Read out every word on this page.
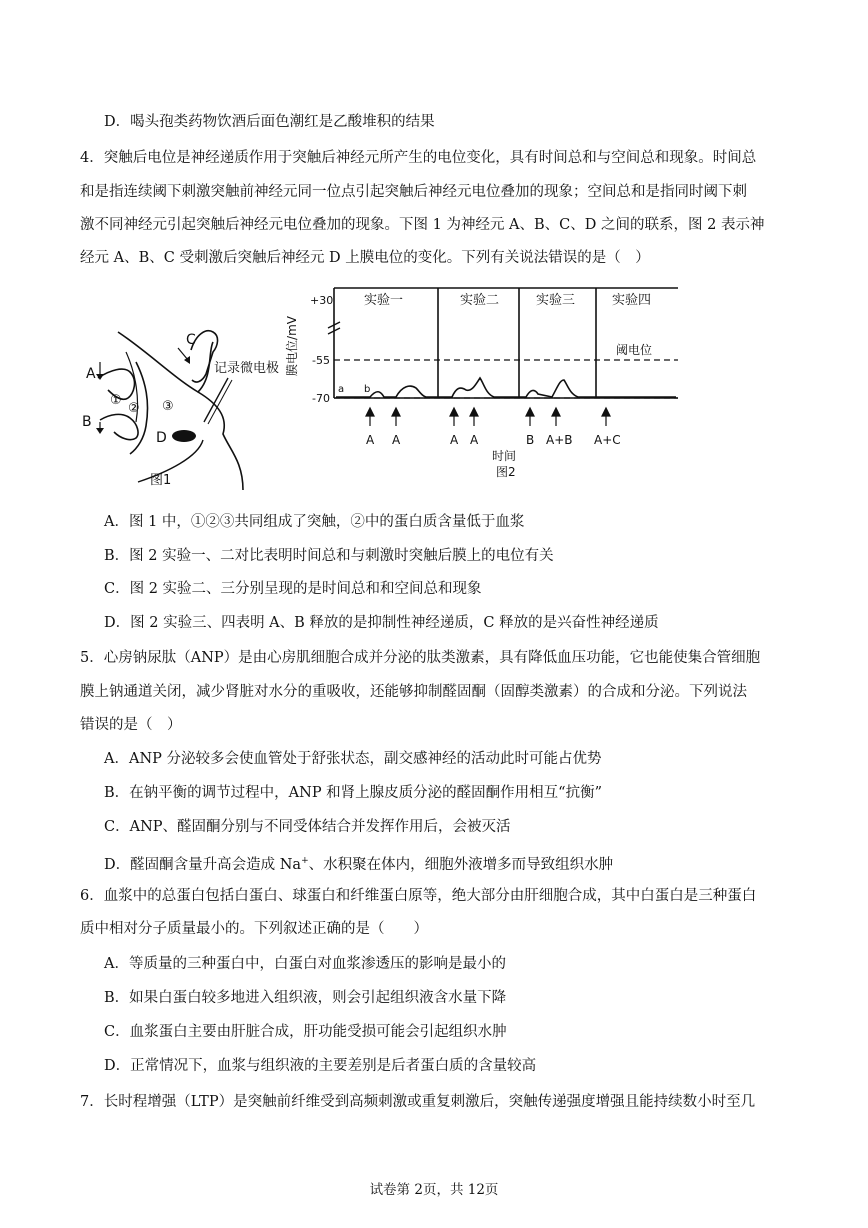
D．喝头孢类药物饮酒后面色潮红是乙酸堆积的结果
4．突触后电位是神经递质作用于突触后神经元所产生的电位变化，具有时间总和与空间总和现象。时间总
和是指连续阈下刺激突触前神经元同一位点引起突触后神经元电位叠加的现象；空间总和是指同时阈下刺
激不同神经元引起突触后神经元电位叠加的现象。下图 1 为神经元 A、B、C、D 之间的联系，图 2 表示神
经元 A、B、C 受刺激后突触后神经元 D 上膜电位的变化。下列有关说法错误的是（　）
A
B
C
D
①
② ③
记录微电极
图1
+30
-55
-70
膜电位/mV
实验一	实验二	实验三	实验四
阈电位
a b
A A	A A	B A+B A+C
时间
图2
A．图 1 中，①②③共同组成了突触，②中的蛋白质含量低于血浆
B．图 2 实验一、二对比表明时间总和与刺激时突触后膜上的电位有关
C．图 2 实验二、三分别呈现的是时间总和和空间总和现象
D．图 2 实验三、四表明 A、B 释放的是抑制性神经递质，C 释放的是兴奋性神经递质
5．心房钠尿肽（ANP）是由心房肌细胞合成并分泌的肽类激素，具有降低血压功能，它也能使集合管细胞
膜上钠通道关闭，减少肾脏对水分的重吸收，还能够抑制醛固酮（固醇类激素）的合成和分泌。下列说法
错误的是（　）
A．ANP 分泌较多会使血管处于舒张状态，副交感神经的活动此时可能占优势
B．在钠平衡的调节过程中，ANP 和肾上腺皮质分泌的醛固酮作用相互“抗衡”
C．ANP、醛固酮分别与不同受体结合并发挥作用后，会被灭活
D．醛固酮含量升高会造成 Na+、水积聚在体内，细胞外液增多而导致组织水肿
6．血浆中的总蛋白包括白蛋白、球蛋白和纤维蛋白原等，绝大部分由肝细胞合成，其中白蛋白是三种蛋白
质中相对分子质量最小的。下列叙述正确的是（　　）
A．等质量的三种蛋白中，白蛋白对血浆渗透压的影响是最小的
B．如果白蛋白较多地进入组织液，则会引起组织液含水量下降
C．血浆蛋白主要由肝脏合成，肝功能受损可能会引起组织水肿
D．正常情况下，血浆与组织液的主要差别是后者蛋白质的含量较高
7．长时程增强（LTP）是突触前纤维受到高频刺激或重复刺激后，突触传递强度增强且能持续数小时至几
试卷第 2页，共 12页
